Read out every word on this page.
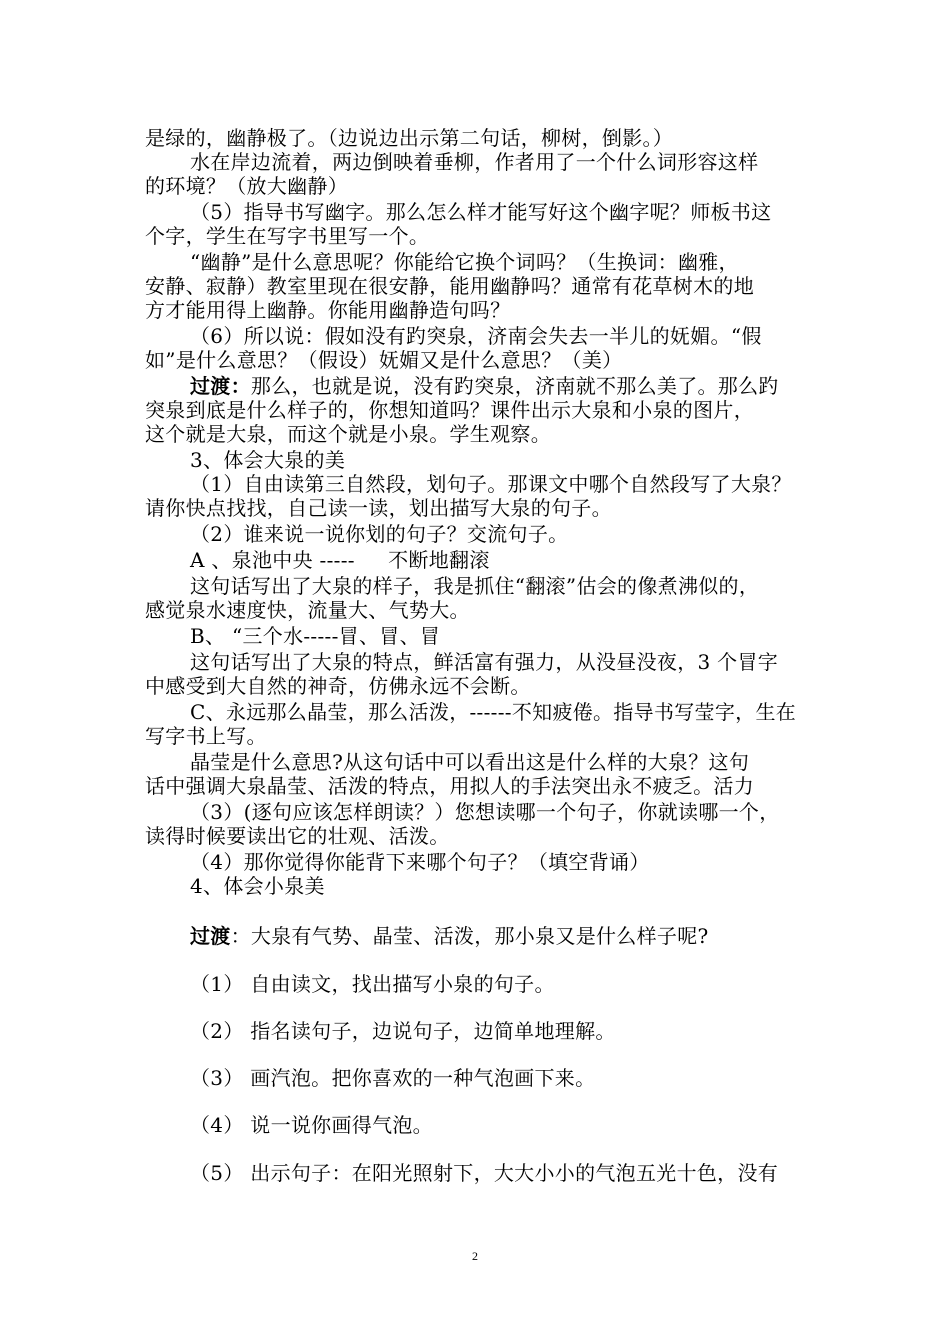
是绿的，幽静极了。（边说边出示第二句话，柳树，倒影。）

水在岸边流着，两边倒映着垂柳，作者用了一个什么词形容这样

的环境？（放大幽静）

（5）指导书写幽字。那么怎么样才能写好这个幽字呢？师板书这

个字，学生在写字书里写一个。

“幽静”是什么意思呢？你能给它换个词吗？（生换词：幽雅，

安静、寂静）教室里现在很安静，能用幽静吗？通常有花草树木的地

方才能用得上幽静。你能用幽静造句吗？

（6）所以说：假如没有趵突泉，济南会失去一半儿的妩媚。“假

如”是什么意思？（假设）妩媚又是什么意思？（美）

过渡：那么，也就是说，没有趵突泉，济南就不那么美了。那么趵

突泉到底是什么样子的，你想知道吗？课件出示大泉和小泉的图片，

这个就是大泉，而这个就是小泉。学生观察。

3、体会大泉的美

（1）自由读第三自然段，划句子。那课文中哪个自然段写了大泉？

请你快点找找，自己读一读，划出描写大泉的句子。

（2）谁来说一说你划的句子？交流句子。

A 、泉池中央 -----     不断地翻滚

这句话写出了大泉的样子，我是抓住“翻滚”估会的像煮沸似的，

感觉泉水速度快，流量大、气势大。

B、 “三个水-----冒、冒、冒

这句话写出了大泉的特点，鲜活富有强力，从没昼没夜，3 个冒字

中感受到大自然的神奇，仿佛永远不会断。

C、永远那么晶莹，那么活泼，------不知疲倦。指导书写莹字，生在

写字书上写。

晶莹是什么意思?从这句话中可以看出这是什么样的大泉？这句

话中强调大泉晶莹、活泼的特点，用拟人的手法突出永不疲乏。活力

（3）(逐句应该怎样朗读？）您想读哪一个句子，你就读哪一个，

读得时候要读出它的壮观、活泼。

（4）那你觉得你能背下来哪个句子？（填空背诵）

4、体会小泉美

过渡：大泉有气势、晶莹、活泼，那小泉又是什么样子呢?

（1） 自由读文，找出描写小泉的句子。

（2） 指名读句子，边说句子，边简单地理解。

（3） 画汽泡。把你喜欢的一种气泡画下来。

（4） 说一说你画得气泡。

（5） 出示句子：在阳光照射下，大大小小的气泡五光十色，没有

2
